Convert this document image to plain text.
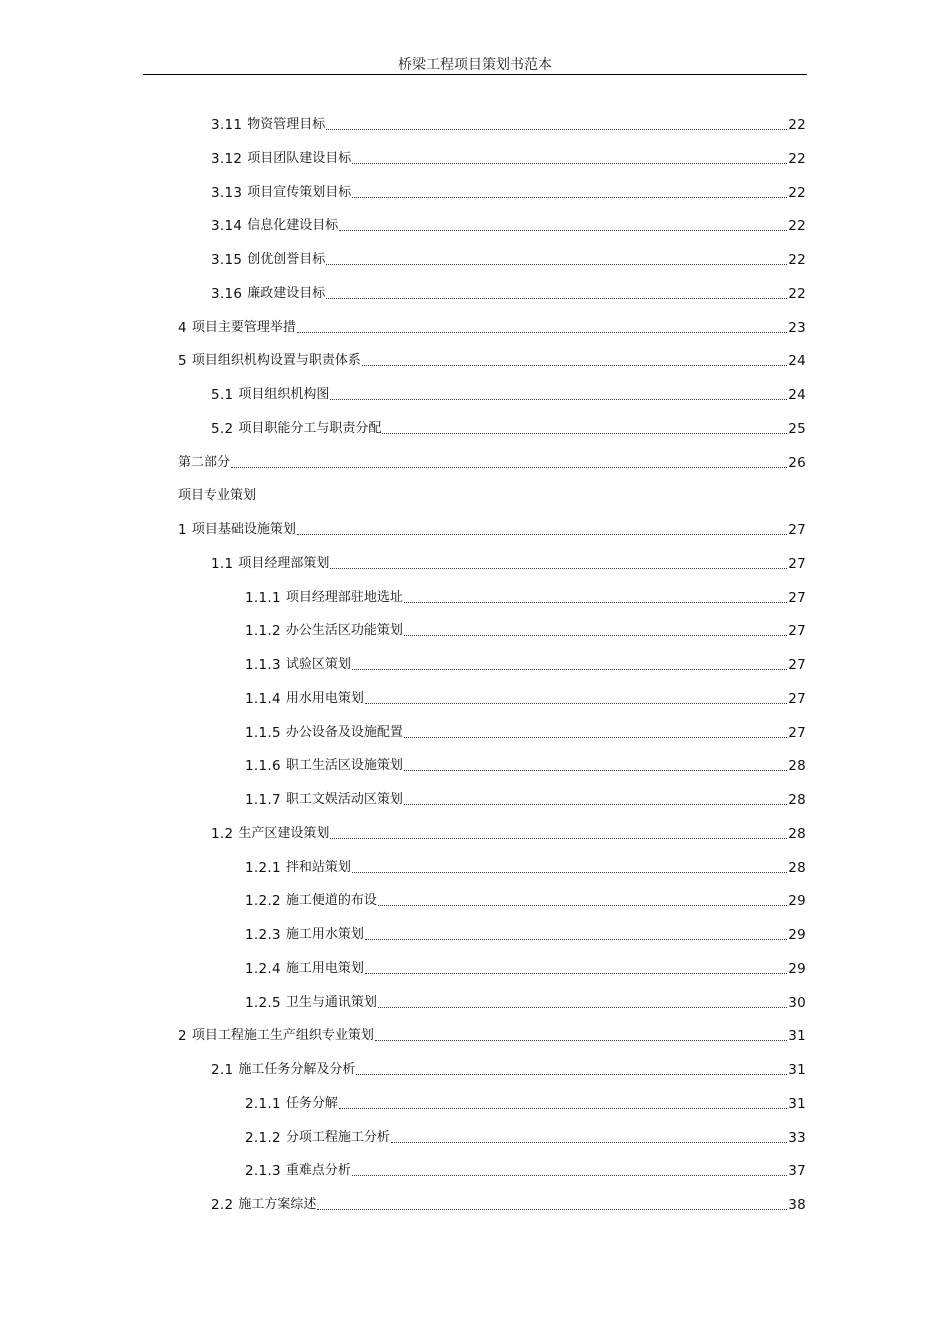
桥梁工程项目策划书范本
3.11 物资管理目标	22
3.12 项目团队建设目标	22
3.13 项目宣传策划目标	22
3.14 信息化建设目标	22
3.15 创优创誉目标	22
3.16 廉政建设目标	22
4 项目主要管理举措	23
5 项目组织机构设置与职责体系	24
5.1 项目组织机构图	24
5.2 项目职能分工与职责分配	25
第二部分	26
项目专业策划
1 项目基础设施策划	27
1.1 项目经理部策划	27
1.1.1 项目经理部驻地选址	27
1.1.2 办公生活区功能策划	27
1.1.3 试验区策划	27
1.1.4 用水用电策划	27
1.1.5 办公设备及设施配置	27
1.1.6 职工生活区设施策划	28
1.1.7 职工文娱活动区策划	28
1.2 生产区建设策划	28
1.2.1 拌和站策划	28
1.2.2 施工便道的布设	29
1.2.3 施工用水策划	29
1.2.4 施工用电策划	29
1.2.5 卫生与通讯策划	30
2 项目工程施工生产组织专业策划	31
2.1 施工任务分解及分析	31
2.1.1 任务分解	31
2.1.2 分项工程施工分析	33
2.1.3 重难点分析	37
2.2 施工方案综述	38
